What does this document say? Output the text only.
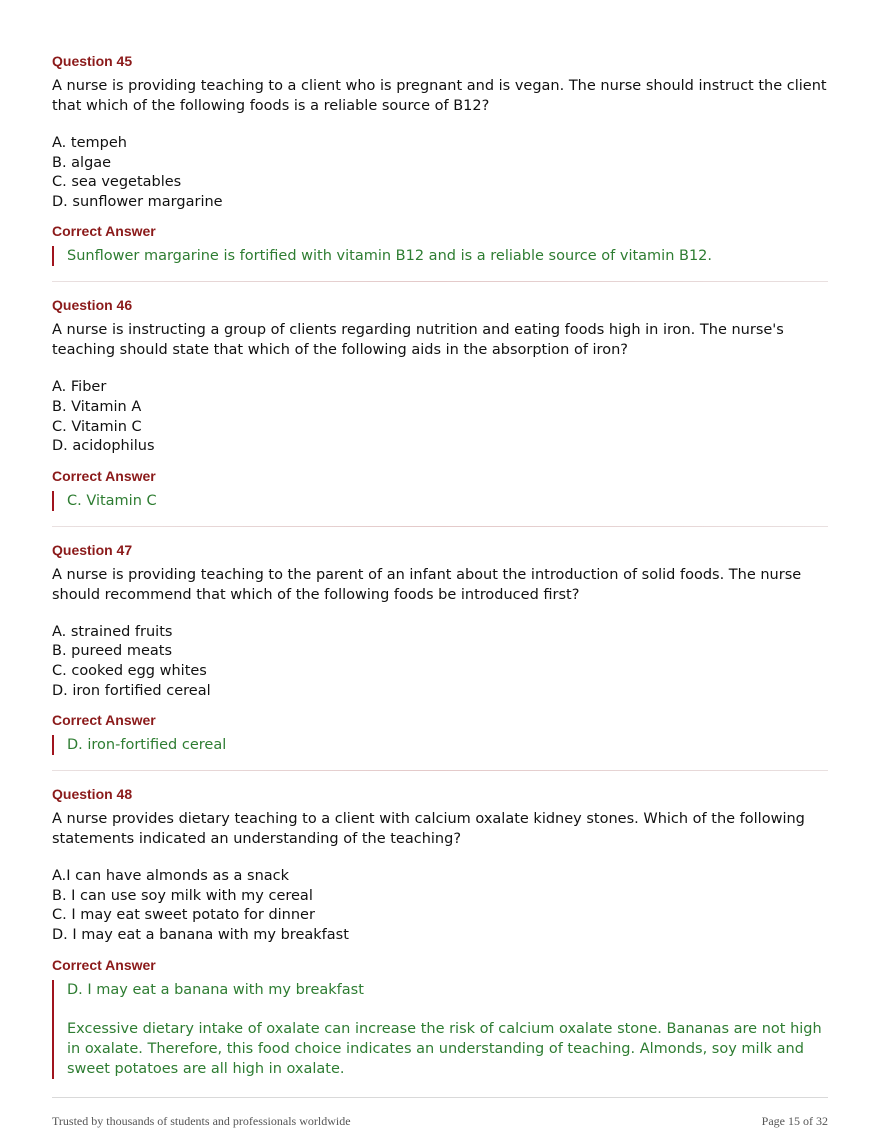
Question 45

A nurse is providing teaching to a client who is pregnant and is vegan. The nurse should instruct the client that which of the following foods is a reliable source of B12?

A. tempeh
B. algae
C. sea vegetables
D. sunflower margarine
Correct Answer

Sunflower margarine is fortified with vitamin B12 and is a reliable source of vitamin B12.

Question 46

A nurse is instructing a group of clients regarding nutrition and eating foods high in iron. The nurse's teaching should state that which of the following aids in the absorption of iron?

A. Fiber
B. Vitamin A
C. Vitamin C
D. acidophilus
Correct Answer

C. Vitamin C

Question 47

A nurse is providing teaching to the parent of an infant about the introduction of solid foods. The nurse should recommend that which of the following foods be introduced first?

A. strained fruits
B. pureed meats
C. cooked egg whites
D. iron fortified cereal
Correct Answer

D. iron-fortified cereal

Question 48

A nurse provides dietary teaching to a client with calcium oxalate kidney stones. Which of the following statements indicated an understanding of the teaching?

A.I can have almonds as a snack
B. I can use soy milk with my cereal
C. I may eat sweet potato for dinner
D. I may eat a banana with my breakfast
Correct Answer

D. I may eat a banana with my breakfast

Excessive dietary intake of oxalate can increase the risk of calcium oxalate stone. Bananas are not high in oxalate. Therefore, this food choice indicates an understanding of teaching. Almonds, soy milk and sweet potatoes are all high in oxalate.

Trusted by thousands of students and professionals worldwide	Page 15 of 32
